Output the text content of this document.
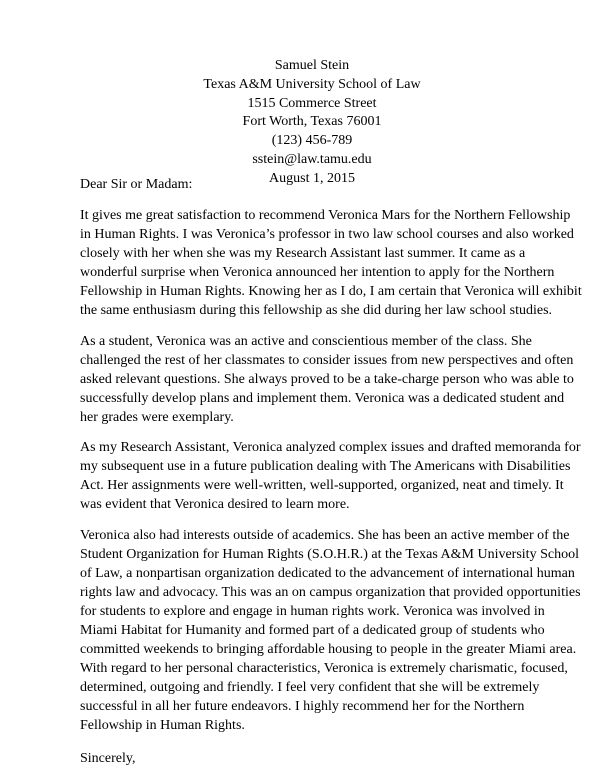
Samuel Stein
Texas A&M University School of Law
1515 Commerce Street
Fort Worth, Texas 76001
(123) 456-789
sstein@law.tamu.edu
August 1, 2015
Dear Sir or Madam:
It gives me great satisfaction to recommend Veronica Mars for the Northern Fellowship
in Human Rights. I was Veronica’s professor in two law school courses and also worked
closely with her when she was my Research Assistant last summer. It came as a
wonderful surprise when Veronica announced her intention to apply for the Northern
Fellowship in Human Rights. Knowing her as I do, I am certain that Veronica will exhibit
the same enthusiasm during this fellowship as she did during her law school studies.
As a student, Veronica was an active and conscientious member of the class. She
challenged the rest of her classmates to consider issues from new perspectives and often
asked relevant questions. She always proved to be a take-charge person who was able to
successfully develop plans and implement them. Veronica was a dedicated student and
her grades were exemplary.
As my Research Assistant, Veronica analyzed complex issues and drafted memoranda for
my subsequent use in a future publication dealing with The Americans with Disabilities
Act. Her assignments were well-written, well-supported, organized, neat and timely. It
was evident that Veronica desired to learn more.
Veronica also had interests outside of academics. She has been an active member of the
Student Organization for Human Rights (S.O.H.R.) at the Texas A&M University School
of Law, a nonpartisan organization dedicated to the advancement of international human
rights law and advocacy. This was an on campus organization that provided opportunities
for students to explore and engage in human rights work. Veronica was involved in
Miami Habitat for Humanity and formed part of a dedicated group of students who
committed weekends to bringing affordable housing to people in the greater Miami area.
With regard to her personal characteristics, Veronica is extremely charismatic, focused,
determined, outgoing and friendly. I feel very confident that she will be extremely
successful in all her future endeavors. I highly recommend her for the Northern
Fellowship in Human Rights.
Sincerely,
